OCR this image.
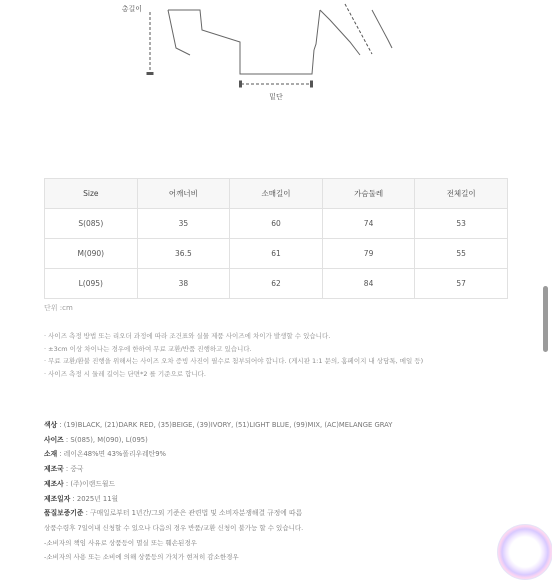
총길이
밑단
Size	어깨너비	소매길이	가슴둘레	전체길이
S(085)	35	60	74	53
M(090)	36.5	61	79	55
L(095)	38	62	84	57
단위 :cm
· 사이즈 측정 방법 또는 리오더 과정에 따라 조건표와 실물 제품 사이즈에 차이가 발생할 수 있습니다.
· ±3cm 이상 차이나는 경우에 한하여 무료 교환/반품 진행하고 있습니다.
· 무료 교환/환불 진행을 위해서는 사이즈 오차 증빙 사진이 필수로 첨부되어야 합니다. (게시판 1:1 문의, 홈페이지 내 상담톡, 메일 등)
· 사이즈 측정 시 둘레 길이는 단면*2 를 기준으로 합니다.
색상 : (19)BLACK, (21)DARK RED, (35)BEIGE, (39)IVORY, (51)LIGHT BLUE, (99)MIX, (AC)MELANGE GRAY
사이즈 : S(085), M(090), L(095)
소재 : 레이온48%면 43%폴리우레탄9%
제조국 : 중국
제조사 : (주)이랜드월드
제조일자 : 2025년 11월
품질보증기준 : 구매일로부터 1년간/그외 기준은 관련법 및 소비자분쟁해결 규정에 따름
상품수령후 7일이내 신청할 수 있으나 다음의 경우 반품/교환 신청이 불가능 할 수 있습니다.
-소비자의 책임 사유로 상품등이 멸실 또는 훼손된경우
-소비자의 사용 또는 소비에 의해 상품등의 가치가 현저히 감소한경우
